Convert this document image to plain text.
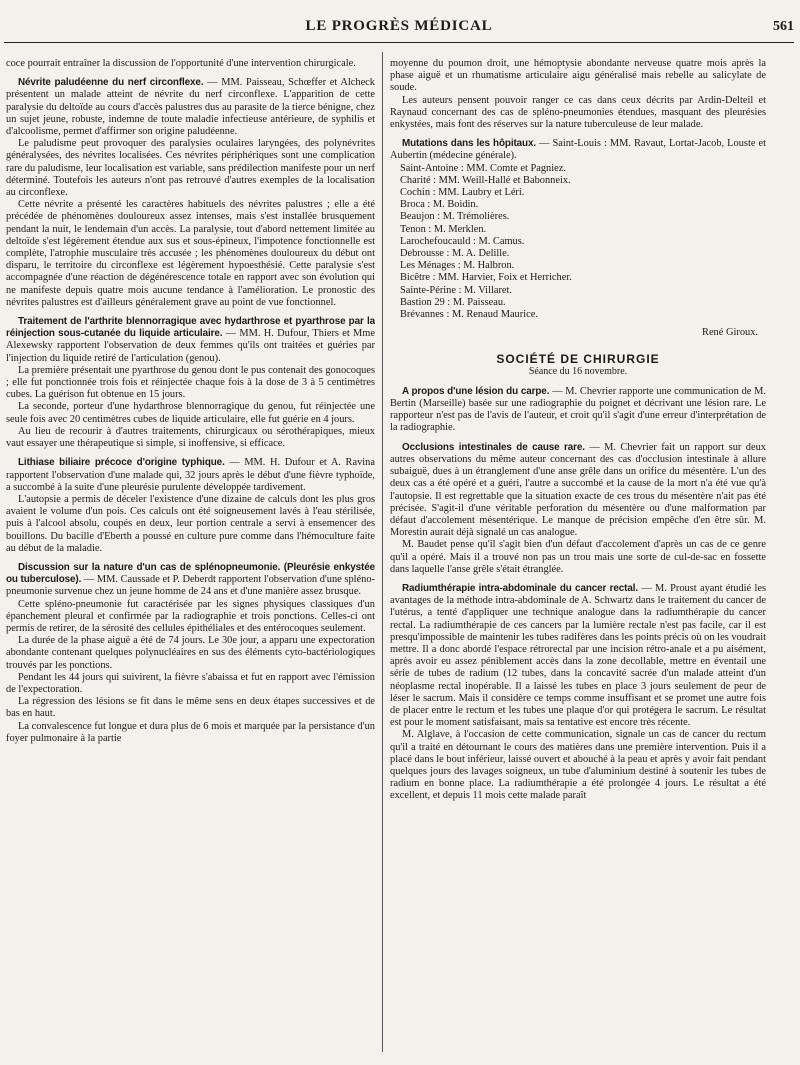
LE PROGRÈS MÉDICAL	561

coce pourrait entraîner la discussion de l'opportunité d'une intervention chirurgicale.

Névrite paludéenne du nerf circonflexe. — MM. Paisseau, Schœffer et Alcheck présentent un malade atteint de névrite du nerf circonflexe. L'apparition de cette paralysie du deltoïde au cours d'accès palustres dus au parasite de la tierce bénigne, chez un sujet jeune, robuste, indemne de toute maladie infectieuse antérieure, de syphilis et d'alcoolisme, permet d'affirmer son origine paludéenne.

Le paludisme peut provoquer des paralysies oculaires laryngées, des polynévrites généralysées, des névrites localisées. Ces névrites périphériques sont une complication rare du paludisme, leur localisation est variable, sans prédilection manifeste pour un nerf déterminé. Toutefois les auteurs n'ont pas retrouvé d'autres exemples de la localisation au circonflexe.

Cette névrite a présenté les caractères habituels des névrites palustres ; elle a été précédée de phénomènes douloureux assez intenses, mais s'est installée brusquement pendant la nuit, le lendemain d'un accès. La paralysie, tout d'abord nettement limitée au deltoïde s'est légèrement étendue aux sus et sous-épineux, l'impotence fonctionnelle est complète, l'atrophie musculaire très accusée ; les phénomènes douloureux du début ont disparu, le territoire du circonflexe est légèrement hypoesthésié. Cette paralysie s'est accompagnée d'une réaction de dégénérescence totale en rapport avec son évolution qui ne manifeste depuis quatre mois aucune tendance à l'amélioration. Le pronostic des névrites palustres est d'ailleurs généralement grave au point de vue fonctionnel.

Traitement de l'arthrite blennorragique avec hydarthrose et pyarthrose par la réinjection sous-cutanée du liquide articulaire. — MM. H. Dufour, Thiers et Mme Alexewsky rapportent l'observation de deux femmes qu'ils ont traitées et guéries par l'injection du liquide retiré de l'articulation (genou).

La première présentait une pyarthrose du genou dont le pus contenait des gonocoques ; elle fut ponctionnée trois fois et réinjectée chaque fois à la dose de 3 à 5 centimètres cubes. La guérison fut obtenue en 15 jours.

La seconde, porteur d'une hydarthrose blennorragique du genou, fut réinjectée une seule fois avec 20 centimètres cubes de liquide articulaire, elle fut guérie en 4 jours.

Au lieu de recourir à d'autres traitements, chirurgicaux ou sérothérapiques, mieux vaut essayer une thérapeutique si simple, si inoffensive, si efficace.

Lithiase biliaire précoce d'origine typhique. — MM. H. Dufour et A. Ravina rapportent l'observation d'une malade qui, 32 jours après le début d'une fièvre typhoïde, a succombé à la suite d'une pleurésie purulente développée tardivement.

L'autopsie a permis de déceler l'existence d'une dizaine de calculs dont les plus gros avaient le volume d'un pois. Ces calculs ont été soigneusement lavés à l'eau stérilisée, puis à l'alcool absolu, coupés en deux, leur portion centrale a servi à ensemencer des bouillons. Du bacille d'Eberth a poussé en culture pure comme dans l'hémoculture faite au début de la maladie.

Discussion sur la nature d'un cas de splénopneumonie. (Pleurésie enkystée ou tuberculose). — MM. Caussade et P. Deberdt rapportent l'observation d'une spléno-pneumonie survenue chez un jeune homme de 24 ans et d'une manière assez brusque.

Cette spléno-pneumonie fut caractérisée par les signes physiques classiques d'un épanchement pleural et confirmée par la radiographie et trois ponctions. Celles-ci ont permis de retirer, de la sérosité des cellules épithéliales et des entérocoques seulement.

La durée de la phase aiguë a été de 74 jours. Le 30e jour, a apparu une expectoration abondante contenant quelques polynucléaires en sus des éléments cyto-bactériologiques trouvés par les ponctions.

Pendant les 44 jours qui suivirent, la fièvre s'abaissa et fut en rapport avec l'émission de l'expectoration.

La régression des lésions se fit dans le même sens en deux étapes successives et de bas en haut.

La convalescence fut longue et dura plus de 6 mois et marquée par la persistance d'un foyer pulmonaire à la partie

moyenne du poumon droit, une hémoptysie abondante nerveuse quatre mois après la phase aiguë et un rhumatisme articulaire aigu généralisé mais rebelle au salicylate de soude.

Les auteurs pensent pouvoir ranger ce cas dans ceux décrits par Ardin-Delteil et Raynaud concernant des cas de spléno-pneumonies étendues, masquant des pleurésies enkystées, mais font des réserves sur la nature tuberculeuse de leur malade.

Mutations dans les hôpitaux. — Saint-Louis : MM. Ravaut, Lortat-Jacob, Louste et Aubertin (médecine générale).

Saint-Antoine : MM. Comte et Pagniez.
Charité : MM. Weill-Hallé et Babonneix.
Cochin : MM. Laubry et Léri.
Broca : M. Boidin.
Beaujon : M. Trémolières.
Tenon : M. Merklen.
Larochefoucauld : M. Camus.
Debrousse : M. A. Delille.
Les Ménages : M. Halbron.
Bicêtre : MM. Harvier, Foix et Herricher.
Sainte-Périne : M. Villaret.
Bastion 29 : M. Paisseau.
Brévannes : M. Renaud Maurice.
René Giroux.
SOCIÉTÉ DE CHIRURGIE
Séance du 16 novembre.

A propos d'une lésion du carpe. — M. Chevrier rapporte une communication de M. Bertin (Marseille) basée sur une radiographie du poignet et décrivant une lésion rare. Le rapporteur n'est pas de l'avis de l'auteur, et croit qu'il s'agit d'une erreur d'interprétation de la radiographie.

Occlusions intestinales de cause rare. — M. Chevrier fait un rapport sur deux autres observations du même auteur concernant des cas d'occlusion intestinale à allure subaiguë, dues à un étranglement d'une anse grêle dans un orifice du mésentère. L'un des deux cas a été opéré et a guéri, l'autre a succombé et la cause de la mort n'a été vue qu'à l'autopsie. Il est regrettable que la situation exacte de ces trous du mésentère n'ait pas été précisée. S'agit-il d'une véritable perforation du mésentère ou d'une malformation par défaut d'accolement mésentérique. Le manque de précision empêche d'en être sûr. M. Morestin aurait déjà signalé un cas analogue.

M. Baudet pense qu'il s'agit bien d'un défaut d'accolement d'après un cas de ce genre qu'il a opéré. Mais il a trouvé non pas un trou mais une sorte de cul-de-sac en fossette dans laquelle l'anse grêle s'était étranglée.

Radiumthérapie intra-abdominale du cancer rectal. — M. Proust ayant étudié les avantages de la méthode intra-abdominale de A. Schwartz dans le traitement du cancer de l'utérus, a tenté d'appliquer une technique analogue dans la radiumthérapie du cancer rectal. La radiumthérapie de ces cancers par la lumière rectale n'est pas facile, car il est presqu'impossible de maintenir les tubes radifères dans les points précis où on les voudrait mettre. Il a donc abordé l'espace rétrorectal par une incision rétro-anale et a pu aisément, après avoir eu assez péniblement accès dans la zone decollable, mettre en éventail une série de tubes de radium (12 tubes, dans la concavité sacrée d'un malade atteint d'un néoplasme rectal inopérable. Il a laissé les tubes en place 3 jours seulement de peur de léser le sacrum. Mais il considère ce temps comme insuffisant et se promet une autre fois de placer entre le rectum et les tubes une plaque d'or qui protégera le sacrum. Le résultat est pour le moment satisfaisant, mais sa tentative est encore très récente.

M. Alglave, à l'occasion de cette communication, signale un cas de cancer du rectum qu'il a traité en détournant le cours des matières dans une première intervention. Puis il a placé dans le bout inférieur, laissé ouvert et abouché à la peau et après y avoir fait pendant quelques jours des lavages soigneux, un tube d'aluminium destiné à soutenir les tubes de radium en bonne place. La radiumthérapie a été prolongée 4 jours. Le résultat a été excellent, et depuis 11 mois cette malade paraît
